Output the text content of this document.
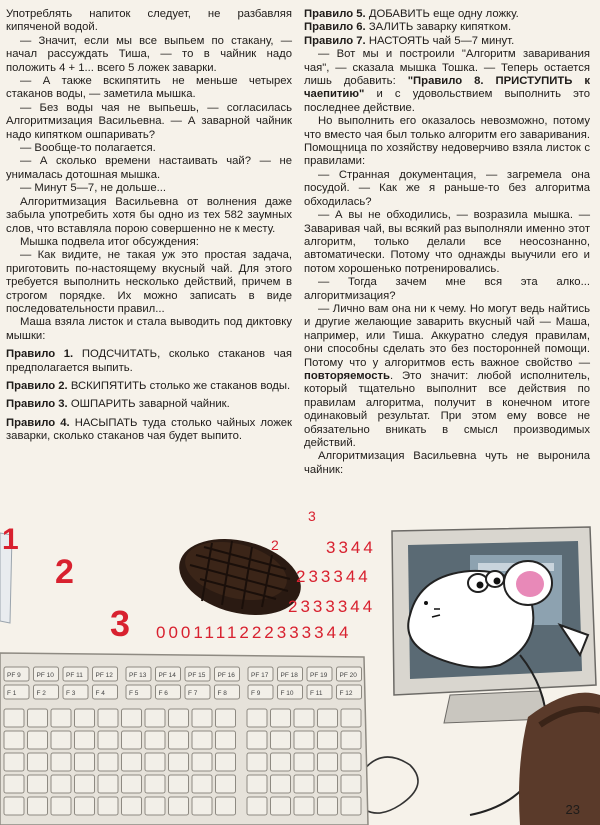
Употреблять напиток следует, не разбавляя кипяченой водой.

— Значит, если мы все выпьем по стакану, — начал рассуждать Тиша, — то в чайник надо положить 4 + 1... всего 5 ложек заварки.

— А также вскипятить не меньше четырех стаканов воды, — заметила мышка.

— Без воды чая не выпьешь, — согласилась Алгоритмизация Васильевна. — А заварной чайник надо кипятком ошпаривать?

— Вообще-то полагается.

— А сколько времени настаивать чай? — не унималась дотошная мышка.

— Минут 5—7, не дольше...

Алгоритмизация Васильевна от волнения даже забыла употребить хотя бы одно из тех 582 заумных слов, что вставляла порою совершенно не к месту.

Мышка подвела итог обсуждения:

— Как видите, не такая уж это простая задача, приготовить по-настоящему вкусный чай. Для этого требуется выполнить несколько действий, причем в строгом порядке. Их можно записать в виде последовательности правил...

Маша взяла листок и стала выводить под диктовку мышки:

Правило 1. ПОДСЧИТАТЬ, сколько стаканов чая предполагается выпить.

Правило 2. ВСКИПЯТИТЬ столько же стаканов воды.

Правило 3. ОШПАРИТЬ заварной чайник.

Правило 4. НАСЫПАТЬ туда столько чайных ложек заварки, сколько стаканов чая будет выпито.

Правило 5. ДОБАВИТЬ еще одну ложку.

Правило 6. ЗАЛИТЬ заварку кипятком.

Правило 7. НАСТОЯТЬ чай 5—7 минут.

— Вот мы и построили "Алгоритм заваривания чая", — сказала мышка Тошка. — Теперь остается лишь добавить: "Правило 8. ПРИСТУПИТЬ к чаепитию" и с удовольствием выполнить это последнее действие.

Но выполнить его оказалось невозможно, потому что вместо чая был только алгоритм его заваривания. Помощница по хозяйству недоверчиво взяла листок с правилами:

— Странная документация, — загремела она посудой. — Как же я раньше-то без алгоритма обходилась?

— А вы не обходились, — возразила мышка. — Заваривая чай, вы всякий раз выполняли именно этот алгоритм, только делали все неосознанно, автоматически. Потому что однажды выучили его и потом хорошенько потренировались.

— Тогда зачем мне вся эта алко... алгоритмизация?

— Лично вам она ни к чему. Но могут ведь найтись и другие желающие заварить вкусный чай — Маша, например, или Тиша. Аккуратно следуя правилам, они способны сделать это без посторонней помощи. Потому что у алгоритмов есть важное свойство — повторяемость. Это значит: любой исполнитель, который тщательно выполнит все действия по правилам алгоритма, получит в конечном итоге одинаковый результат. При этом ему вовсе не обязательно вникать в смысл производимых действий.

Алгоритмизация Васильевна чуть не выронила чайник:

PF 9 PF 10 PF 11 PF 12 PF 13 PF 14 PF 15 PF 16 PF 17 PF 18 PF 19 PF 20
F 1	F 2	F 3	F 4	F 5	F 6	F 7	F 8	F 9	F 10	F 11	F 12
1
2
3
2
3
3344
233344
2333344
0001111222333344
23
